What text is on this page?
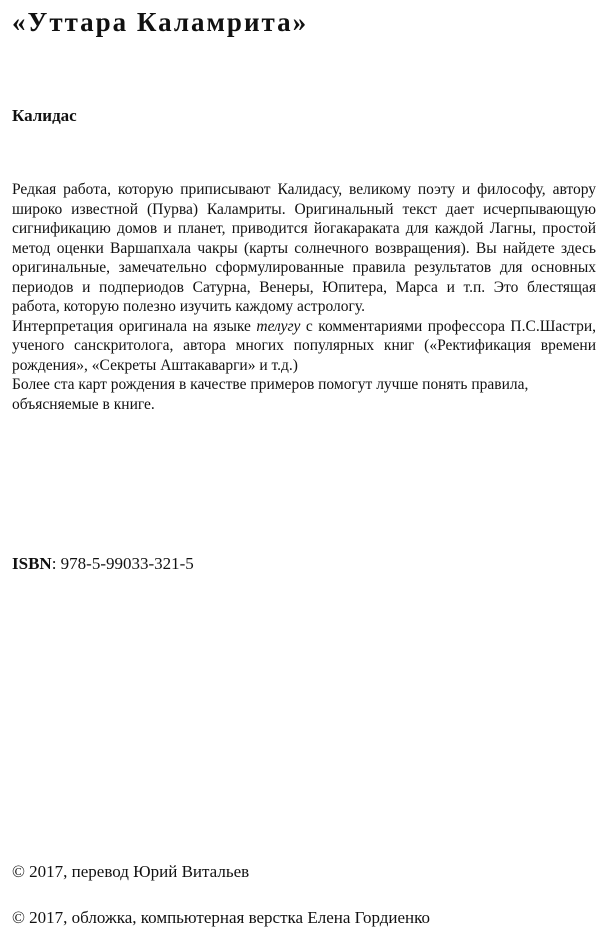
«Уттара Каламрита»
Калидас

Редкая работа, которую приписывают Калидасу, великому поэту и философу, автору широко известной (Пурва) Каламриты. Оригинальный текст дает исчерпывающую сигнификацию домов и планет, приводится йогакараката для каждой Лагны, простой метод оценки Варшапхала чакры (карты солнечного возвращения). Вы найдете здесь оригинальные, замечательно сформулированные правила результатов для основных периодов и подпериодов Сатурна, Венеры, Юпитера, Марса и т.п. Это блестящая работа, которую полезно изучить каждому астрологу.

Интерпретация оригинала на языке телугу с комментариями профессора П.С.Шастри, ученого санскритолога, автора многих популярных книг («Ректификация времени рождения», «Секреты Аштакаварги» и т.д.)

Более ста карт рождения в качестве примеров помогут лучше понять правила, объясняемые в книге.

ISBN: 978-5-99033-321-5
© 2017, перевод Юрий Витальев
© 2017, обложка, компьютерная верстка Елена Гордиенко
